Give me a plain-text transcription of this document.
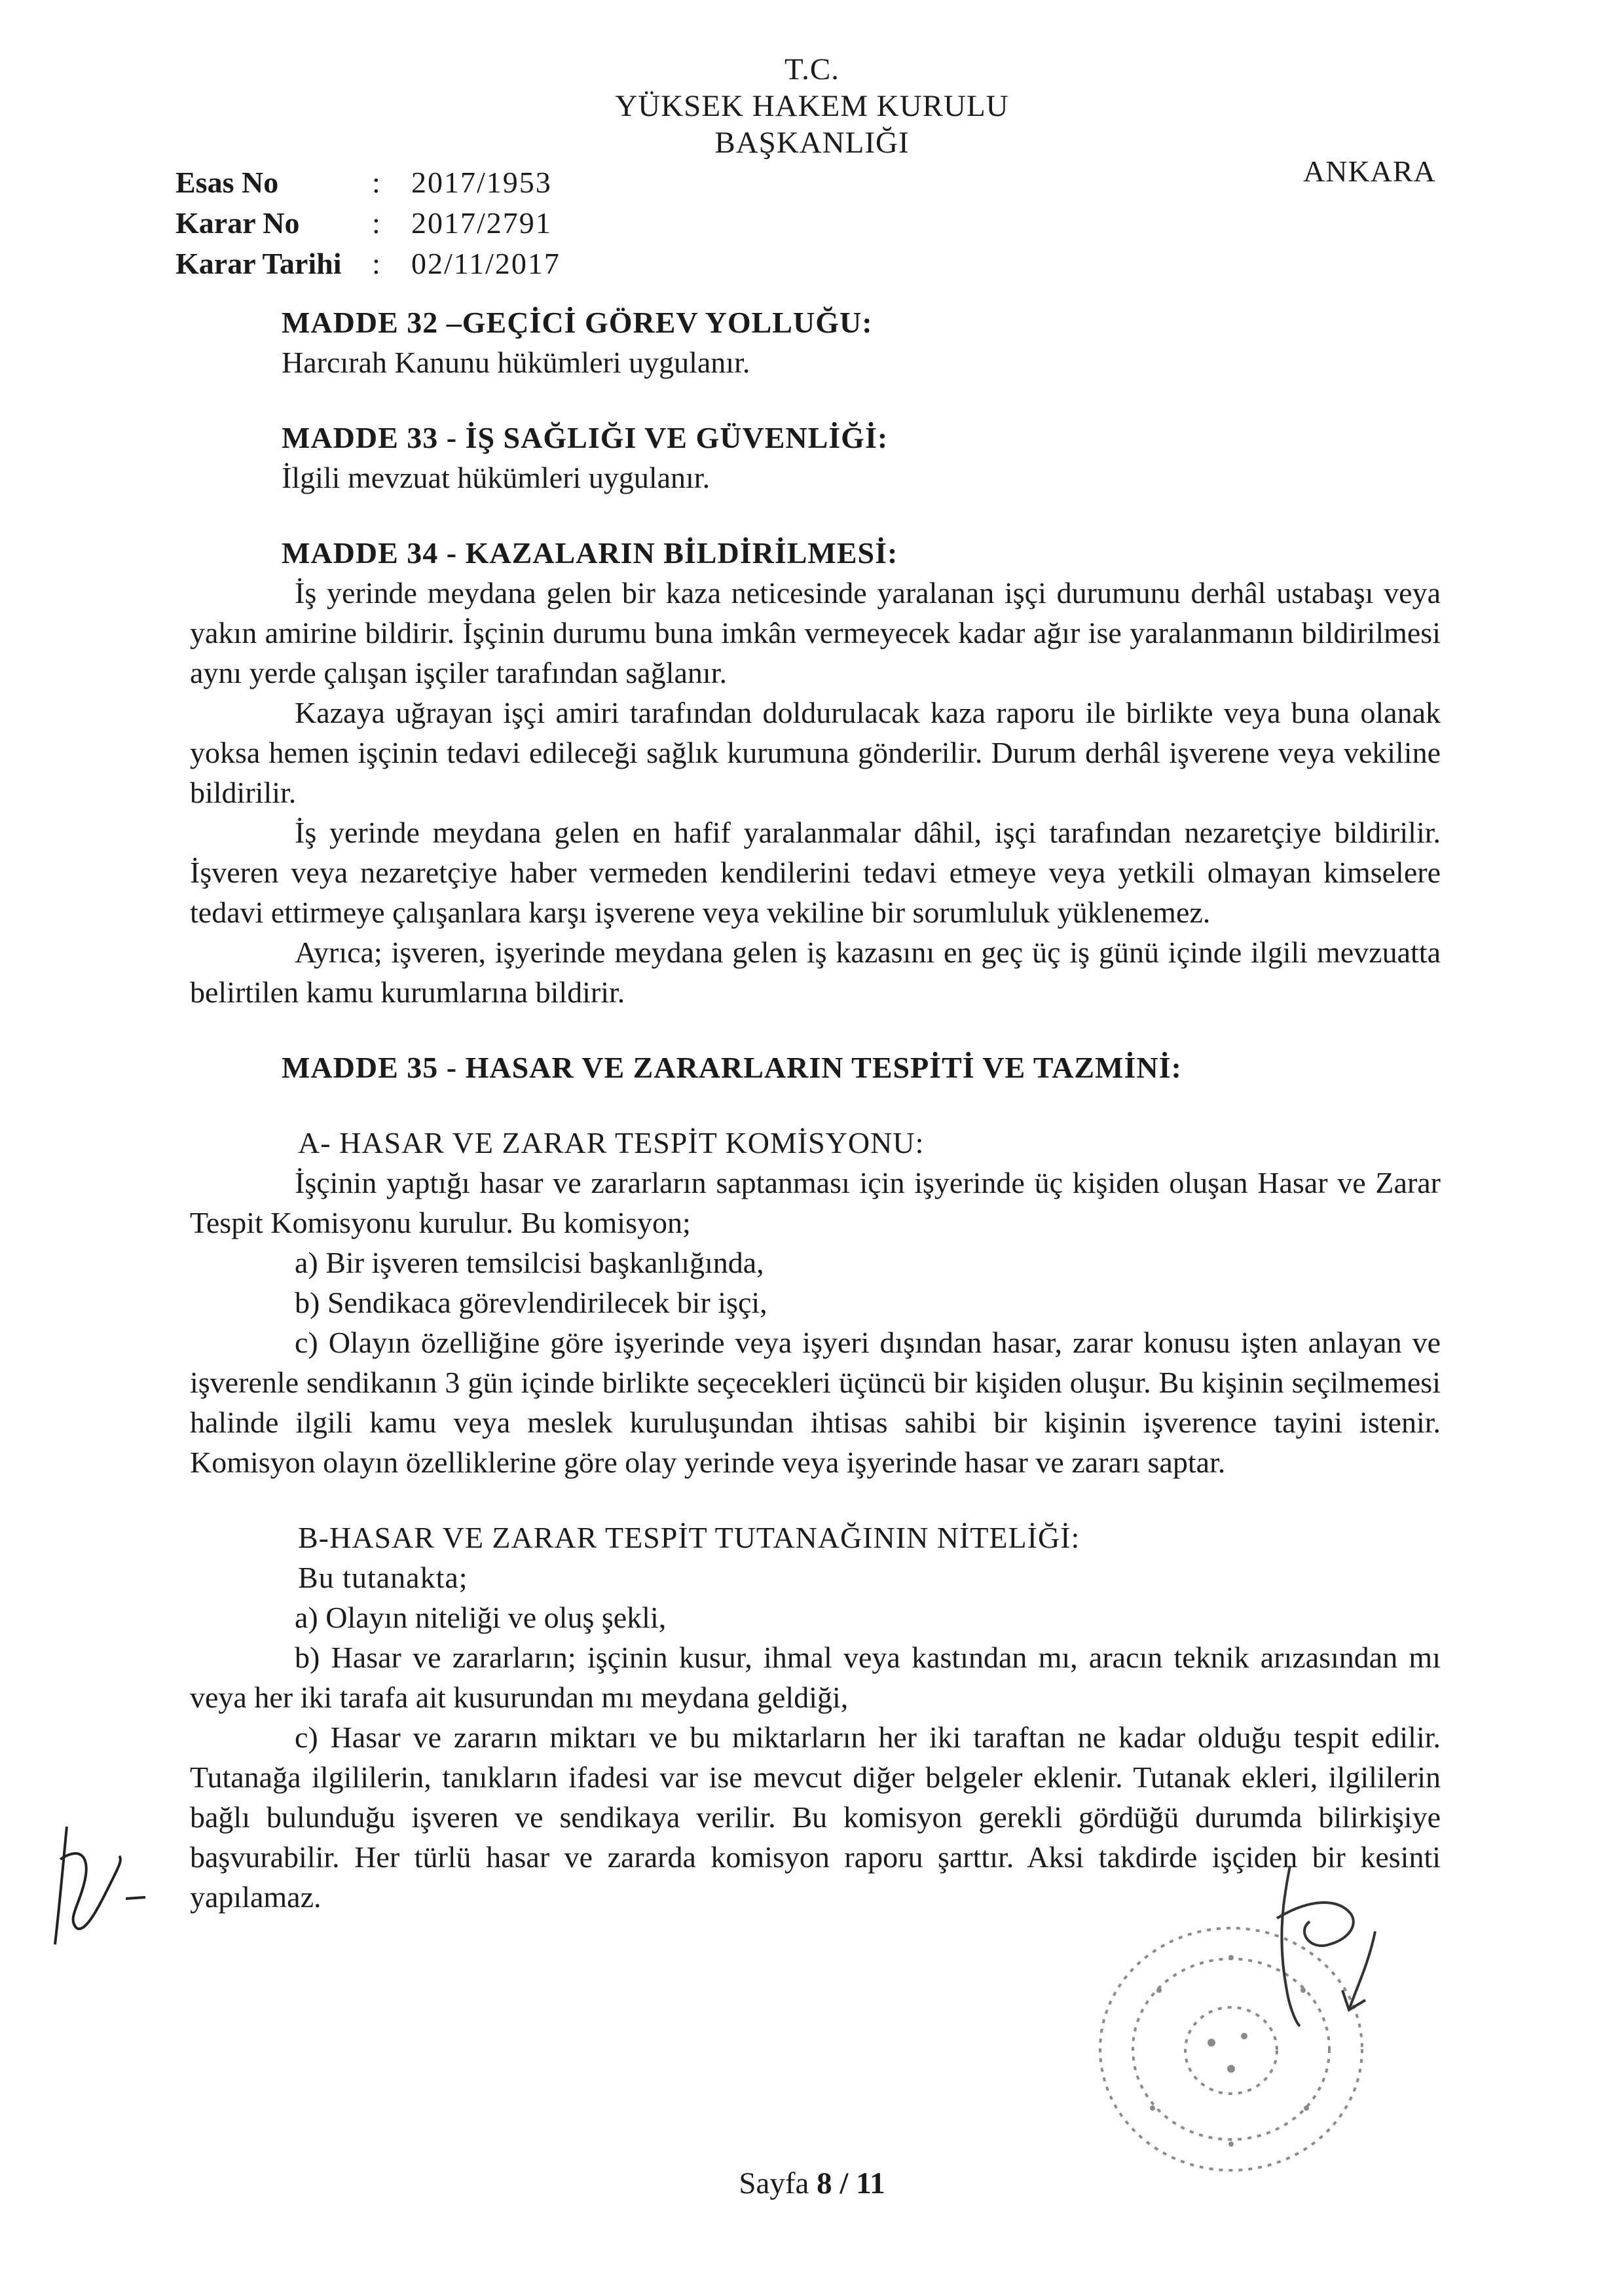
T.C.
YÜKSEK HAKEM KURULU
BAŞKANLIĞI
ANKARA
Esas No	:	2017/1953
Karar No	:	2017/2791
Karar Tarihi	:	02/11/2017
MADDE 32 –GEÇİCİ GÖREV YOLLUĞU:
Harcırah Kanunu hükümleri uygulanır.
MADDE 33 - İŞ SAĞLIĞI VE GÜVENLİĞİ:
İlgili mevzuat hükümleri uygulanır.
MADDE 34 - KAZALARIN BİLDİRİLMESİ:
İş yerinde meydana gelen bir kaza neticesinde yaralanan işçi durumunu derhâl ustabaşı veya yakın amirine bildirir. İşçinin durumu buna imkân vermeyecek kadar ağır ise yaralanmanın bildirilmesi aynı yerde çalışan işçiler tarafından sağlanır.
Kazaya uğrayan işçi amiri tarafından doldurulacak kaza raporu ile birlikte veya buna olanak yoksa hemen işçinin tedavi edileceği sağlık kurumuna gönderilir. Durum derhâl işverene veya vekiline bildirilir.
İş yerinde meydana gelen en hafif yaralanmalar dâhil, işçi tarafından nezaretçiye bildirilir. İşveren veya nezaretçiye haber vermeden kendilerini tedavi etmeye veya yetkili olmayan kimselere tedavi ettirmeye çalışanlara karşı işverene veya vekiline bir sorumluluk yüklenemez.
Ayrıca; işveren, işyerinde meydana gelen iş kazasını en geç üç iş günü içinde ilgili mevzuatta belirtilen kamu kurumlarına bildirir.
MADDE 35 - HASAR VE ZARARLARIN TESPİTİ VE TAZMİNİ:
A- HASAR VE ZARAR TESPİT KOMİSYONU:
İşçinin yaptığı hasar ve zararların saptanması için işyerinde üç kişiden oluşan Hasar ve Zarar Tespit Komisyonu kurulur. Bu komisyon;
a) Bir işveren temsilcisi başkanlığında,
b) Sendikaca görevlendirilecek bir işçi,
c) Olayın özelliğine göre işyerinde veya işyeri dışından hasar, zarar konusu işten anlayan ve işverenle sendikanın 3 gün içinde birlikte seçecekleri üçüncü bir kişiden oluşur. Bu kişinin seçilmemesi halinde ilgili kamu veya meslek kuruluşundan ihtisas sahibi bir kişinin işverence tayini istenir. Komisyon olayın özelliklerine göre olay yerinde veya işyerinde hasar ve zararı saptar.
B-HASAR VE ZARAR TESPİT TUTANAĞININ NİTELİĞİ:
Bu tutanakta;
a) Olayın niteliği ve oluş şekli,
b) Hasar ve zararların; işçinin kusur, ihmal veya kastından mı, aracın teknik arızasından mı veya her iki tarafa ait kusurundan mı meydana geldiği,
c) Hasar ve zararın miktarı ve bu miktarların her iki taraftan ne kadar olduğu tespit edilir. Tutanağa ilgililerin, tanıkların ifadesi var ise mevcut diğer belgeler eklenir. Tutanak ekleri, ilgililerin bağlı bulunduğu işveren ve sendikaya verilir. Bu komisyon gerekli gördüğü durumda bilirkişiye başvurabilir. Her türlü hasar ve zararda komisyon raporu şarttır. Aksi takdirde işçiden bir kesinti yapılamaz.
Sayfa 8 / 11
